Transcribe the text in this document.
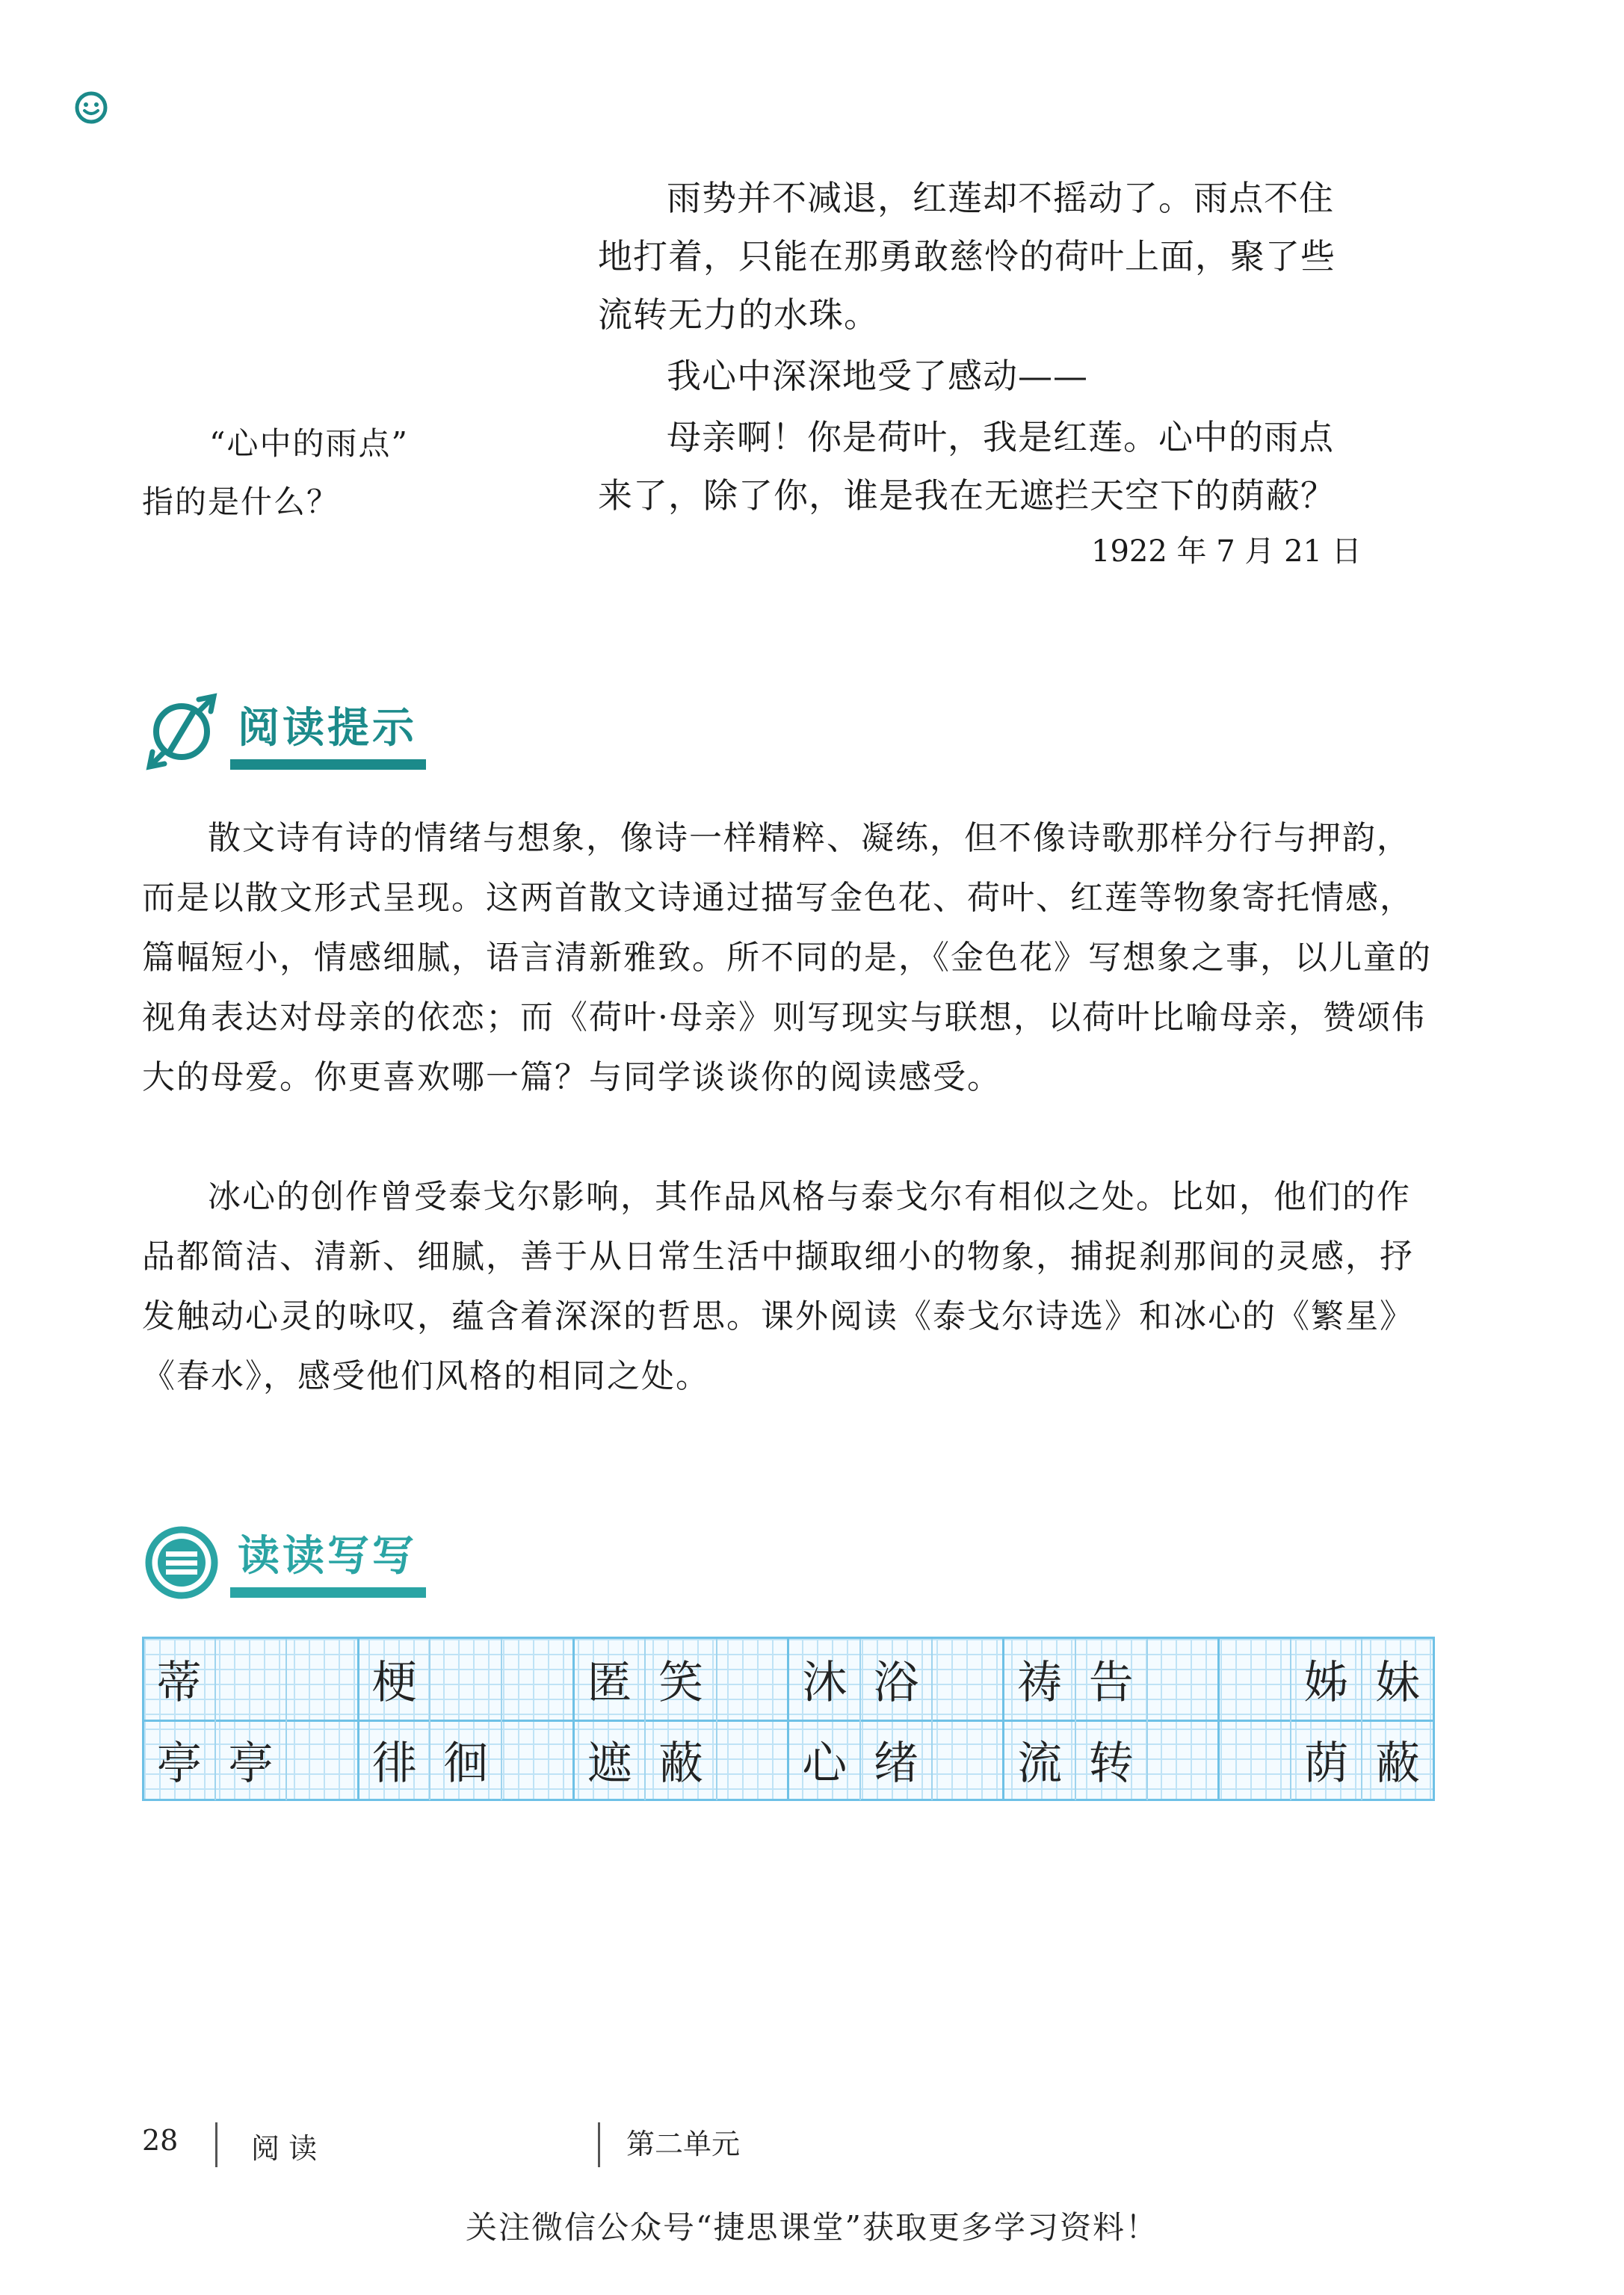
雨势并不减退，红莲却不摇动了。雨点不住

地打着，只能在那勇敢慈怜的荷叶上面，聚了些
流转无力的水珠。

我心中深深地受了感动——

母亲啊！你是荷叶，我是红莲。心中的雨点

来了，除了你，谁是我在无遮拦天空下的荫蔽？

1922 年 7 月 21 日

“心中的雨点”

指的是什么？

阅读提示

散文诗有诗的情绪与想象，像诗一样精粹、凝练，但不像诗歌那样分行与押韵，而是以散文形式呈现。这两首散文诗通过描写金色花、荷叶、红莲等物象寄托情感，篇幅短小，情感细腻，语言清新雅致。所不同的是，《金色花》写想象之事，以儿童的视角表达对母亲的依恋；而《荷叶·母亲》则写现实与联想，以荷叶比喻母亲，赞颂伟大的母爱。你更喜欢哪一篇？与同学谈谈你的阅读感受。

冰心的创作曾受泰戈尔影响，其作品风格与泰戈尔有相似之处。比如，他们的作品都简洁、清新、细腻，善于从日常生活中撷取细小的物象，捕捉刹那间的灵感，抒发触动心灵的咏叹，蕴含着深深的哲思。课外阅读《泰戈尔诗选》和冰心的《繁星》《春水》，感受他们风格的相同之处。

读读写写
蒂	梗	匿 笑	沐 浴	祷 告	姊 妹
亭 亭	徘 徊	遮 蔽	心 绪	流 转	荫 蔽
28	阅 读	第二单元
关注微信公众号“捷思课堂”获取更多学习资料！
